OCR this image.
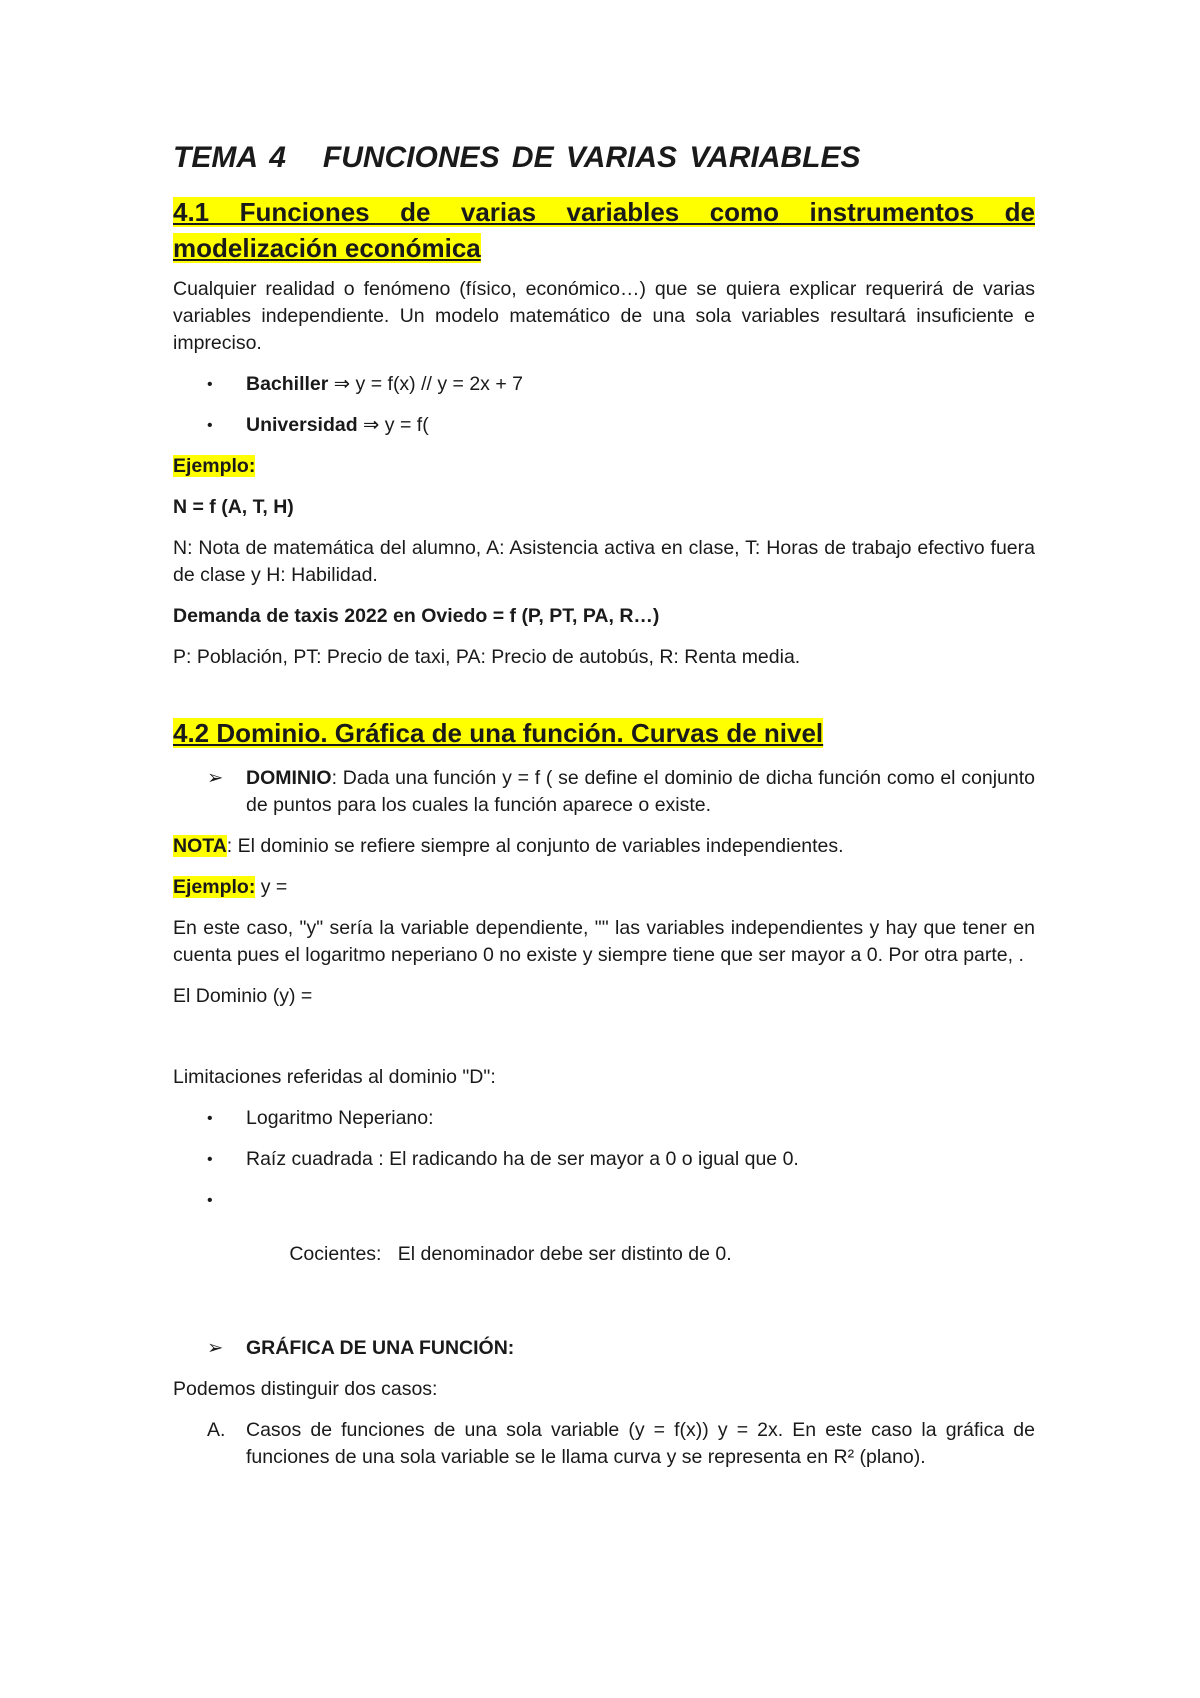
TEMA 4   FUNCIONES DE VARIAS VARIABLES
4.1 Funciones de varias variables como instrumentos de modelización económica

Cualquier realidad o fenómeno (físico, económico…) que se quiera explicar requerirá de varias variables independiente. Un modelo matemático de una sola variables resultará insuficiente e impreciso.

• Bachiller ⇒ y = f(x) // y = 2x + 7
• Universidad ⇒ y = f(

Ejemplo:

N = f (A, T, H)

N: Nota de matemática del alumno, A: Asistencia activa en clase, T: Horas de trabajo efectivo fuera de clase y H: Habilidad.

Demanda de taxis 2022 en Oviedo = f (P, PT, PA, R…)

P: Población, PT: Precio de taxi, PA: Precio de autobús, R: Renta media.

4.2 Dominio. Gráfica de una función. Curvas de nivel
➢ DOMINIO: Dada una función y = f ( se define el dominio de dicha función como el conjunto de puntos para los cuales la función aparece o existe.

NOTA: El dominio se refiere siempre al conjunto de variables independientes.

Ejemplo: y =

En este caso, "y" sería la variable dependiente, "" las variables independientes y hay que tener en cuenta pues el logaritmo neperiano 0 no existe y siempre tiene que ser mayor a 0. Por otra parte, .

El Dominio (y) =

Limitaciones referidas al dominio "D":

• Logaritmo Neperiano:
• Raíz cuadrada : El radicando ha de ser mayor a 0 o igual que 0.

•

Cocientes:   El denominador debe ser distinto de 0.

➢ GRÁFICA DE UNA FUNCIÓN:

Podemos distinguir dos casos:

A. Casos de funciones de una sola variable (y = f(x)) y = 2x. En este caso la gráfica de funciones de una sola variable se le llama curva y se representa en R² (plano).
